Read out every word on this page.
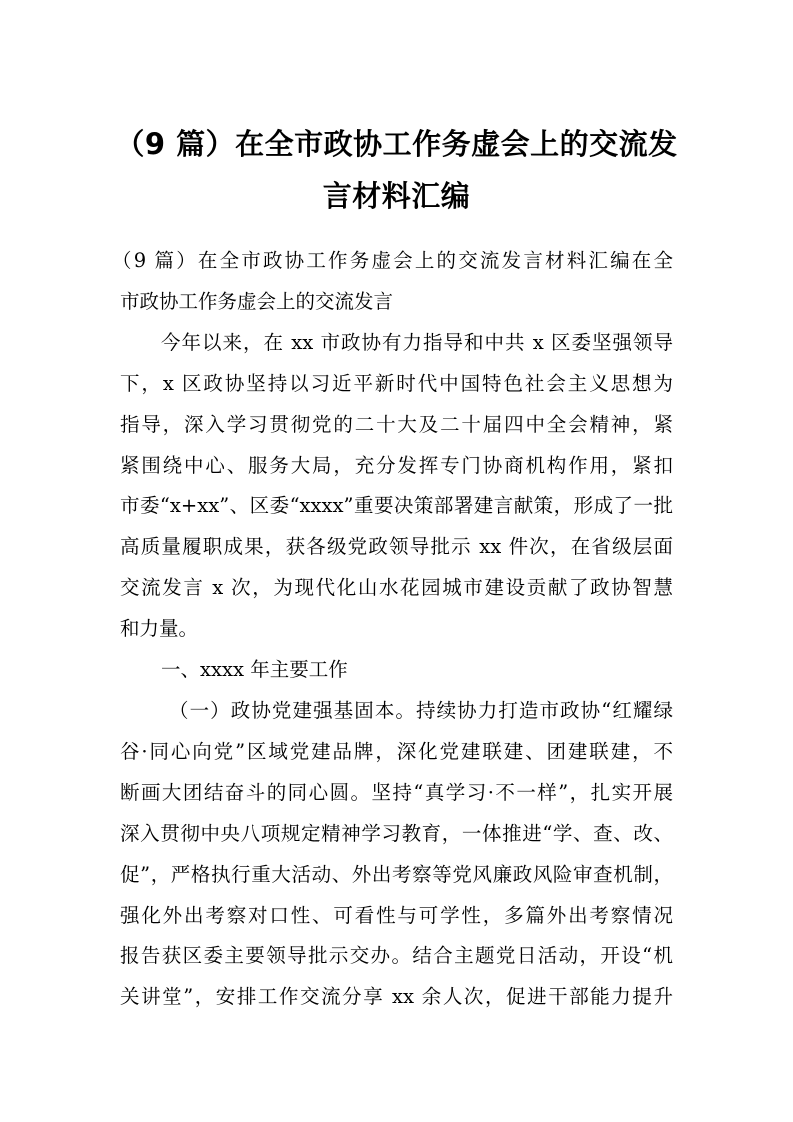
（9 篇）在全市政协工作务虚会上的交流发
言材料汇编
（9 篇）在全市政协工作务虚会上的交流发言材料汇编在全
市政协工作务虚会上的交流发言
今年以来，在 xx 市政协有力指导和中共 x 区委坚强领导
下，x 区政协坚持以习近平新时代中国特色社会主义思想为
指导，深入学习贯彻党的二十大及二十届四中全会精神，紧
紧围绕中心、服务大局，充分发挥专门协商机构作用，紧扣
市委“x+xx”、区委“xxxx”重要决策部署建言献策，形成了一批
高质量履职成果，获各级党政领导批示 xx 件次，在省级层面
交流发言 x 次，为现代化山水花园城市建设贡献了政协智慧
和力量。
一、xxxx 年主要工作
（一）政协党建强基固本。持续协力打造市政协“红耀绿
谷·同心向党”区域党建品牌，深化党建联建、团建联建，不
断画大团结奋斗的同心圆。坚持“真学习·不一样”，扎实开展
深入贯彻中央八项规定精神学习教育，一体推进“学、查、改、
促”，严格执行重大活动、外出考察等党风廉政风险审查机制，
强化外出考察对口性、可看性与可学性，多篇外出考察情况
报告获区委主要领导批示交办。结合主题党日活动，开设“机
关讲堂”，安排工作交流分享 xx 余人次，促进干部能力提升
